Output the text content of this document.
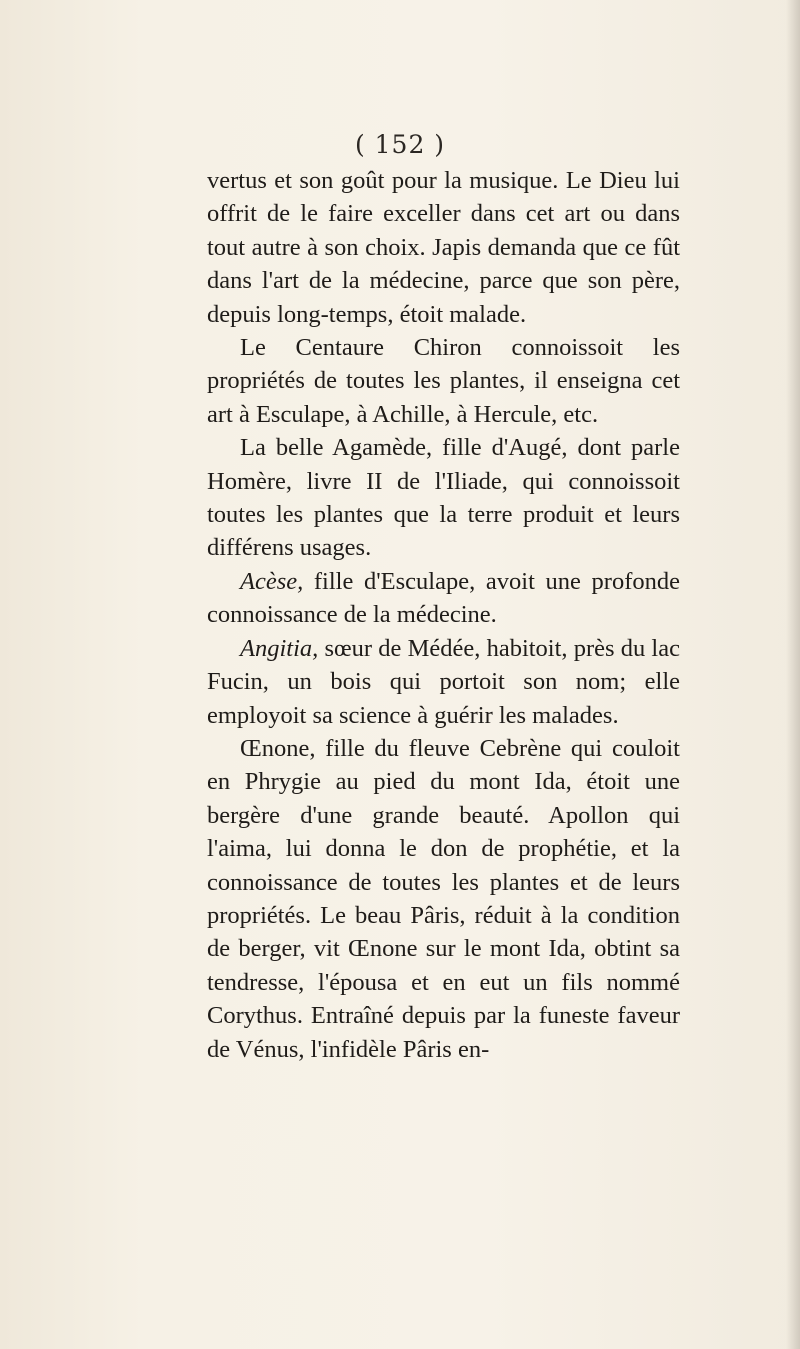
( 152 )

vertus et son goût pour la musique. Le Dieu lui offrit de le faire exceller dans cet art ou dans tout autre à son choix. Japis demanda que ce fût dans l'art de la médecine, parce que son père, depuis long-temps, étoit malade.

Le Centaure Chiron connoissoit les propriétés de toutes les plantes, il enseigna cet art à Esculape, à Achille, à Hercule, etc.

La belle Agamède, fille d'Augé, dont parle Homère, livre II de l'Iliade, qui connoissoit toutes les plantes que la terre produit et leurs différens usages.

Acèse, fille d'Esculape, avoit une profonde connoissance de la médecine.

Angitia, sœur de Médée, habitoit, près du lac Fucin, un bois qui portoit son nom; elle employoit sa science à guérir les malades.

Œnone, fille du fleuve Cebrène qui couloit en Phrygie au pied du mont Ida, étoit une bergère d'une grande beauté. Apollon qui l'aima, lui donna le don de prophétie, et la connoissance de toutes les plantes et de leurs propriétés. Le beau Pâris, réduit à la condition de berger, vit Œnone sur le mont Ida, obtint sa tendresse, l'épousa et en eut un fils nommé Corythus. Entraîné depuis par la funeste faveur de Vénus, l'infidèle Pâris en-
